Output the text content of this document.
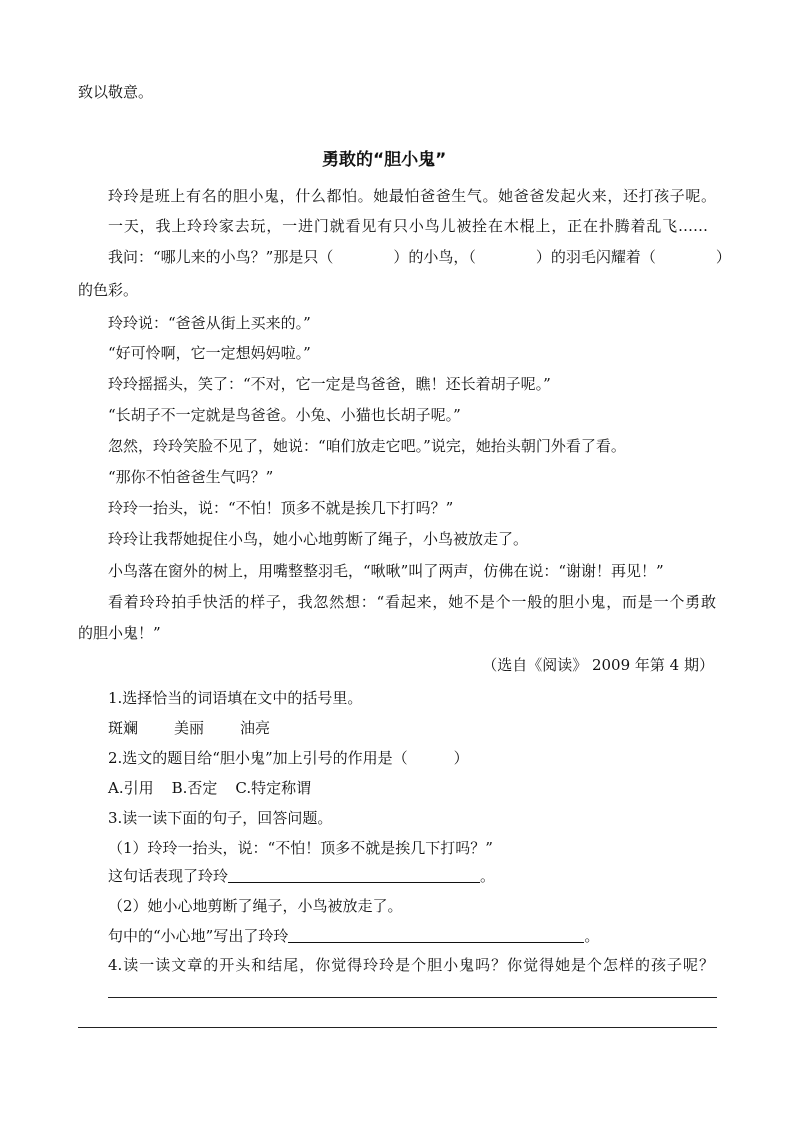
致以敬意。
勇敢的“胆小鬼”
玲玲是班上有名的胆小鬼，什么都怕。她最怕爸爸生气。她爸爸发起火来，还打孩子呢。
一天，我上玲玲家去玩，一进门就看见有只小鸟儿被拴在木棍上，正在扑腾着乱飞……
我问：“哪儿来的小鸟？”那是只（	）的小鸟，（	）的羽毛闪耀着（	）
的色彩。
玲玲说：“爸爸从街上买来的。”
“好可怜啊，它一定想妈妈啦。”
玲玲摇摇头，笑了：“不对，它一定是鸟爸爸，瞧！还长着胡子呢。”
“长胡子不一定就是鸟爸爸。小兔、小猫也长胡子呢。”
忽然，玲玲笑脸不见了，她说：“咱们放走它吧。”说完，她抬头朝门外看了看。
“那你不怕爸爸生气吗？”
玲玲一抬头，说：“不怕！顶多不就是挨几下打吗？”
玲玲让我帮她捉住小鸟，她小心地剪断了绳子，小鸟被放走了。
小鸟落在窗外的树上，用嘴整整羽毛，“啾啾”叫了两声，仿佛在说：“谢谢！再见！”
看着玲玲拍手快活的样子，我忽然想：“看起来，她不是个一般的胆小鬼，而是一个勇敢
的胆小鬼！”
（选自《阅读》 2009 年第 4 期）
1.选择恰当的词语填在文中的括号里。
斑斓 美丽 油亮
2.选文的题目给“胆小鬼”加上引号的作用是（	）
A.引用 B.否定 C.特定称谓
3.读一读下面的句子，回答问题。
（1）玲玲一抬头，说：“不怕！顶多不就是挨几下打吗？”
这句话表现了玲玲	。
（2）她小心地剪断了绳子，小鸟被放走了。
句中的“小心地”写出了玲玲	。
4.读一读文章的开头和结尾，你觉得玲玲是个胆小鬼吗？你觉得她是个怎样的孩子呢？
